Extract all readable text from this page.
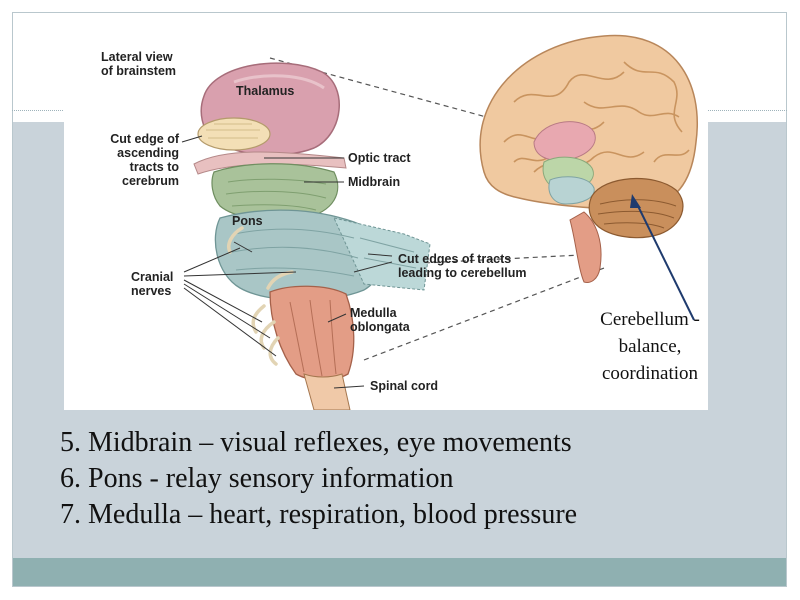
Lateral view
of brainstem
Thalamus
Cut edge of
ascending
tracts to
cerebrum
Optic tract
Midbrain
Pons
Cranial
nerves
Cut edges of tracts
leading to cerebellum
Medulla
oblongata
Spinal cord
Cerebellum -
balance,
coordination
5. Midbrain – visual reflexes, eye movements
6. Pons - relay sensory information
7. Medulla – heart, respiration, blood pressure
